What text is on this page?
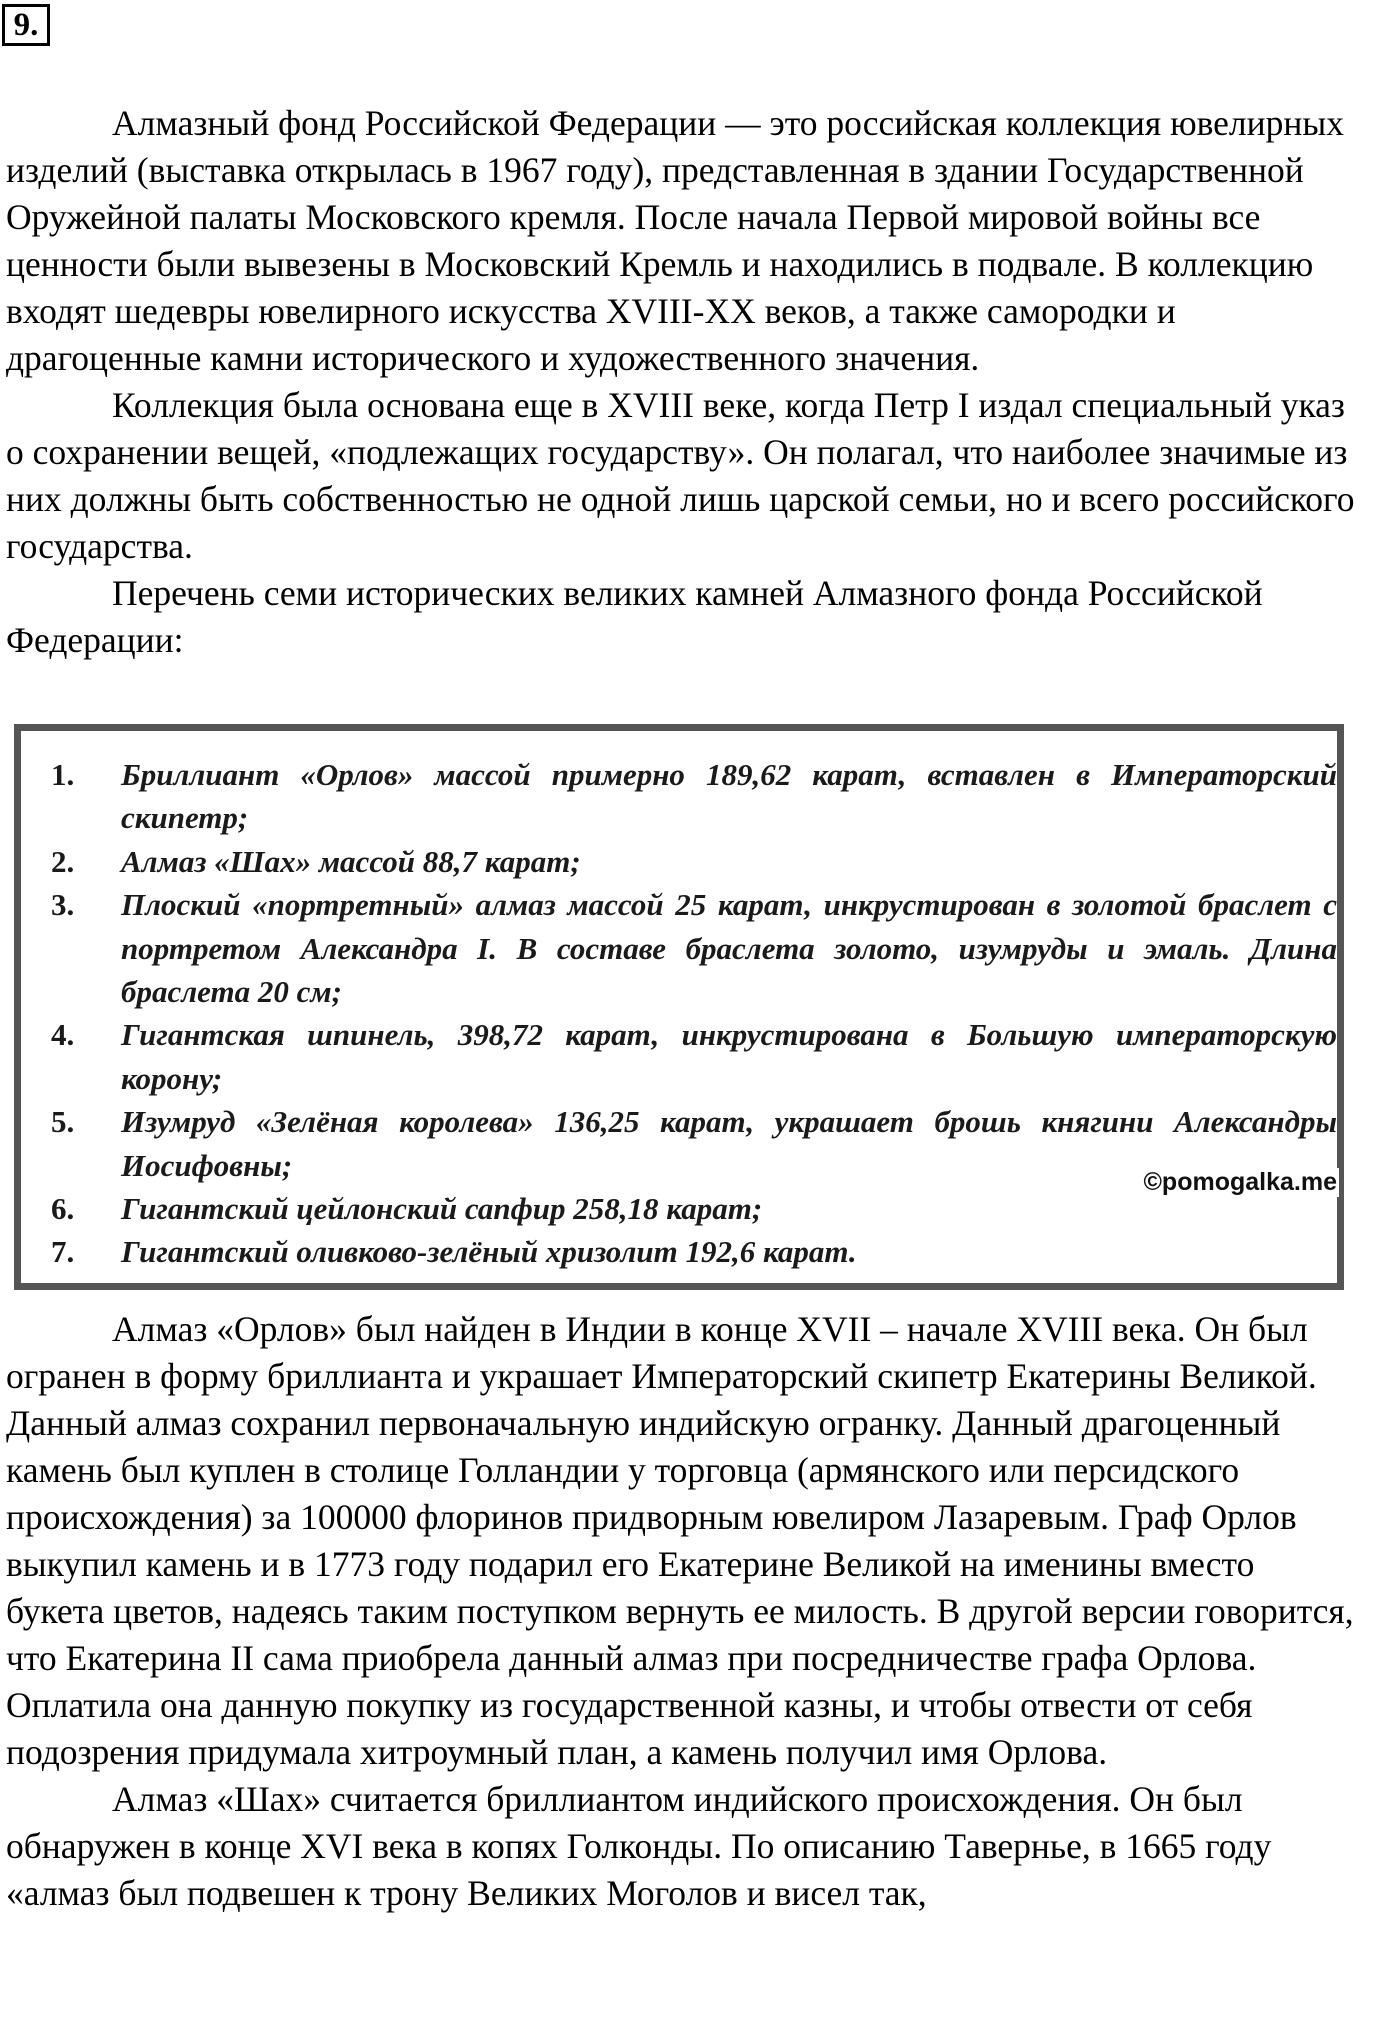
9.

Алмазный фонд Российской Федерации — это российская коллекция ювелирных изделий (выставка открылась в 1967 году), представленная в здании Государственной Оружейной палаты Московского кремля. После начала Первой мировой войны все ценности были вывезены в Московский Кремль и находились в подвале. В коллекцию входят шедевры ювелирного искусства XVIII-XX веков, а также самородки и драгоценные камни исторического и художественного значения.

Коллекция была основана еще в XVIII веке, когда Петр I издал специальный указ о сохранении вещей, «подлежащих государству». Он полагал, что наиболее значимые из них должны быть собственностью не одной лишь царской семьи, но и всего российского государства.

Перечень семи исторических великих камней Алмазного фонда Российской Федерации:

1. Бриллиант «Орлов» массой примерно 189,62 карат, вставлен в Императорский скипетр;
2. Алмаз «Шах» массой 88,7 карат;
3. Плоский «портретный» алмаз массой 25 карат, инкрустирован в золотой браслет с портретом Александра I. В составе браслета золото, изумруды и эмаль. Длина браслета 20 см;
4. Гигантская шпинель, 398,72 карат, инкрустирована в Большую императорскую корону;
5. Изумруд «Зелёная королева» 136,25 карат, украшает брошь княгини Александры Иосифовны;
6. Гигантский цейлонский сапфир 258,18 карат;
7. Гигантский оливково-зелёный хризолит 192,6 карат.
©pomogalka.me

Алмаз «Орлов» был найден в Индии в конце XVII – начале XVIII века. Он был огранен в форму бриллианта и украшает Императорский скипетр Екатерины Великой. Данный алмаз сохранил первоначальную индийскую огранку. Данный драгоценный камень был куплен в столице Голландии у торговца (армянского или персидского происхождения) за 100000 флоринов придворным ювелиром Лазаревым. Граф Орлов выкупил камень и в 1773 году подарил его Екатерине Великой на именины вместо букета цветов, надеясь таким поступком вернуть ее милость. В другой версии говорится, что Екатерина II сама приобрела данный алмаз при посредничестве графа Орлова. Оплатила она данную покупку из государственной казны, и чтобы отвести от себя подозрения придумала хитроумный план, а камень получил имя Орлова.

Алмаз «Шах» считается бриллиантом индийского происхождения. Он был обнаружен в конце XVI века в копях Голконды. По описанию Тавернье, в 1665 году «алмаз был подвешен к трону Великих Моголов и висел так,
